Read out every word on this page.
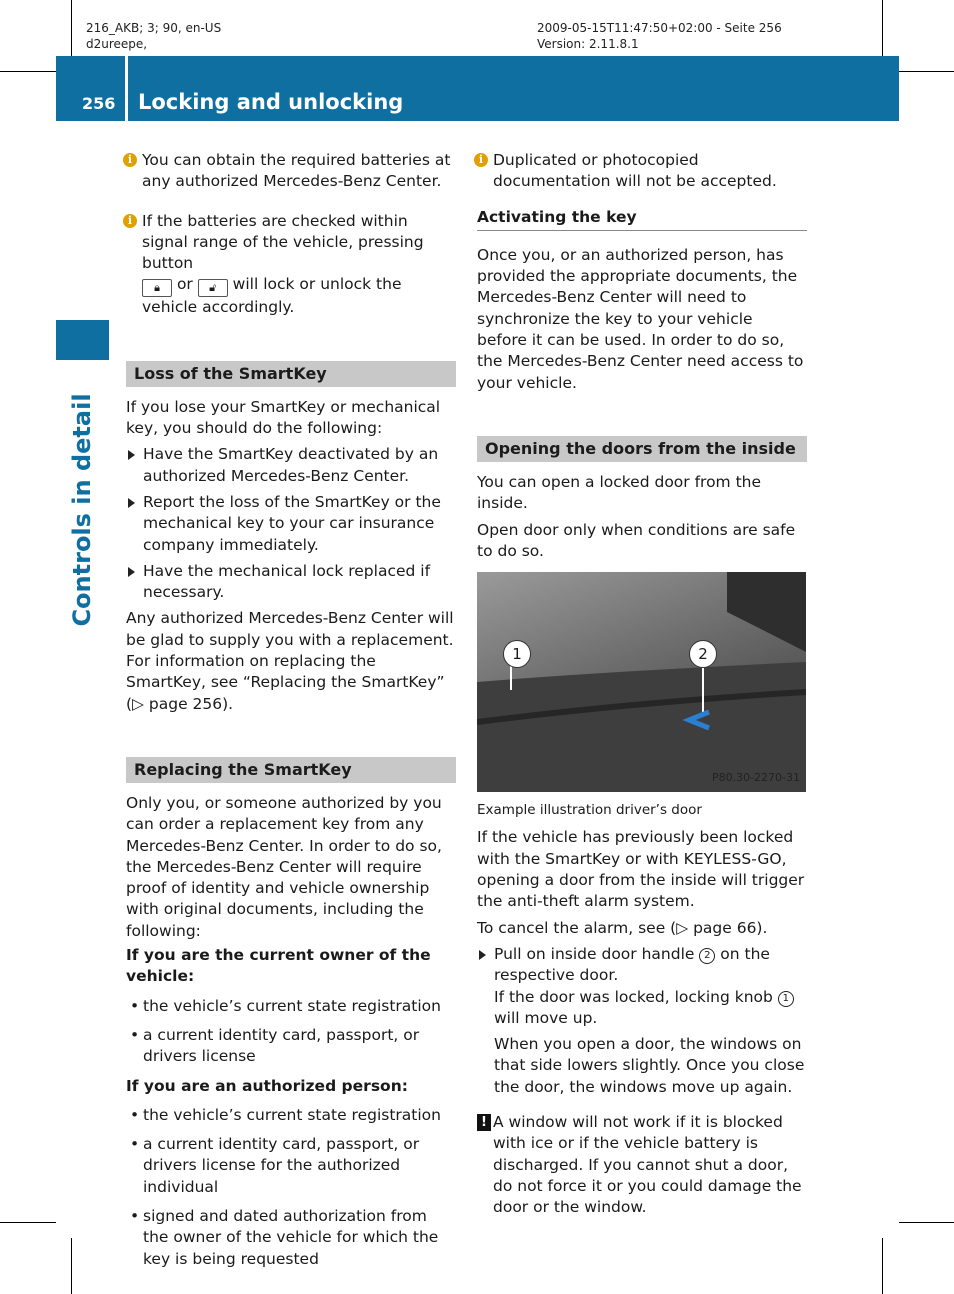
216_AKB; 3; 90, en-US
d2ureepe,
2009-05-15T11:47:50+02:00 - Seite 256
Version: 2.11.8.1
256 Locking and unlocking
Controls in detail
i You can obtain the required batteries at any authorized Mercedes-Benz Center.

i If the batteries are checked within signal range of the vehicle, pressing button
🔒︎ or 🔓︎ will lock or unlock the vehicle accordingly.

Loss of the SmartKey

If you lose your SmartKey or mechanical key, you should do the following:

Have the SmartKey deactivated by an authorized Mercedes-Benz Center.
Report the loss of the SmartKey or the mechanical key to your car insurance company immediately.
Have the mechanical lock replaced if necessary.

Any authorized Mercedes-Benz Center will be glad to supply you with a replacement. For information on replacing the SmartKey, see “Replacing the SmartKey” (▷ page 256).

Replacing the SmartKey

Only you, or someone authorized by you can order a replacement key from any Mercedes-Benz Center. In order to do so, the Mercedes-Benz Center will require proof of identity and vehicle ownership with original documents, including the following:

If you are the current owner of the vehicle:

• the vehicle’s current state registration
• a current identity card, passport, or drivers license

If you are an authorized person:

• the vehicle’s current state registration
• a current identity card, passport, or drivers license for the authorized individual
• signed and dated authorization from the owner of the vehicle for which the key is being requested
i Duplicated or photocopied documentation will not be accepted.

Activating the key

Once you, or an authorized person, has provided the appropriate documents, the Mercedes-Benz Center will need to synchronize the key to your vehicle before it can be used. In order to do so, the Mercedes-Benz Center need access to your vehicle.

Opening the doors from the inside

You can open a locked door from the inside.

Open door only when conditions are safe to do so.

1	2
P80.30-2270-31

Example illustration driver’s door

If the vehicle has previously been locked with the SmartKey or with KEYLESS-GO, opening a door from the inside will trigger the anti-theft alarm system.

To cancel the alarm, see (▷ page 66).

Pull on inside door handle 2 on the respective door.
If the door was locked, locking knob 1 will move up.

When you open a door, the windows on that side lowers slightly. Once you close the door, the windows move up again.

! A window will not work if it is blocked with ice or if the vehicle battery is discharged. If you cannot shut a door, do not force it or you could damage the door or the window.
